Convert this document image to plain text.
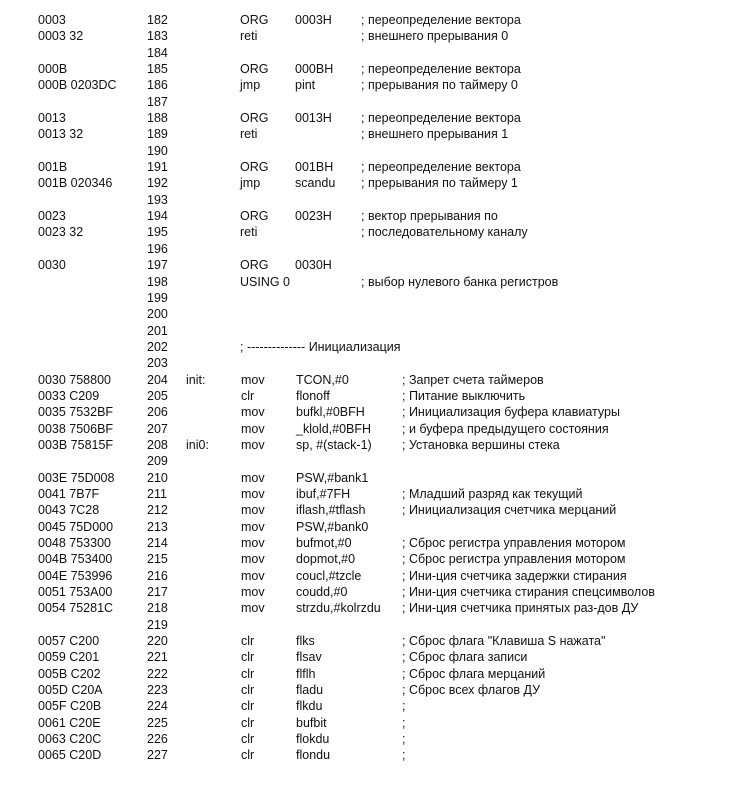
0003	182	ORG 0003H ; переопределение вектора
0003 32	183	reti	; внешнего прерывания 0
184
000B	185	ORG 000BH ; переопределение вектора
000B 0203DC 186	jmp	pint	; прерывания по таймеру 0
187
0013	188	ORG 0013H ; переопределение вектора
0013 32	189	reti	; внешнего прерывания 1
190
001B	191	ORG 001BH ; переопределение вектора
001B 020346	192	jmp	scandu ; прерывания по таймеру 1
193
0023	194	ORG 0023H ; вектор прерывания по
0023 32	195	reti	; последовательному каналу
196
0030	197	ORG 0030H
198	USING 0	; выбор нулевого банка регистров
199
200
201
202	; -------------- Инициализация
203
0030 758800	204 init:	mov	TCON,#0	; Запрет счета таймеров
0033 C209	205	clr	flonoff	; Питание выключить
0035 7532BF	206	mov	bufkl,#0BFH	; Инициализация буфера клавиатуры
0038 7506BF	207	mov	_klold,#0BFH ; и буфера предыдущего состояния
003B 75815F	208 ini0:	mov	sp, #(stack-1) ; Установка вершины стека
209
003E 75D008	210	mov	PSW,#bank1
0041 7B7F	211	mov	ibuf,#7FH	; Младший разряд как текущий
0043 7C28	212	mov	iflash,#tflash	; Инициализация счетчика мерцаний
0045 75D000	213	mov	PSW,#bank0
0048 753300	214	mov	bufmot,#0	; Сброс регистра управления мотором
004B 753400	215	mov	dopmot,#0	; Сброс регистра управления мотором
004E 753996	216	mov	coucl,#tzcle	; Ини-ция счетчика задержки стирания
0051 753A00	217	mov	coudd,#0	; Ини-ция счетчика стирания спецсимволов
0054 75281C	218	mov	strzdu,#kolrzdu ; Ини-ция счетчика принятых раз-дов ДУ
219
0057 C200	220	clr	flks	; Сброс флага "Клавиша S нажата"
0059 C201	221	clr	flsav	; Сброс флага записи
005B C202	222	clr	flflh	; Сброс флага мерцаний
005D C20A	223	clr	fladu	; Сброс всех флагов ДУ
005F C20B	224	clr	flkdu	;
0061 C20E	225	clr	bufbit	;
0063 C20C	226	clr	flokdu	;
0065 C20D	227	clr	flondu	;
